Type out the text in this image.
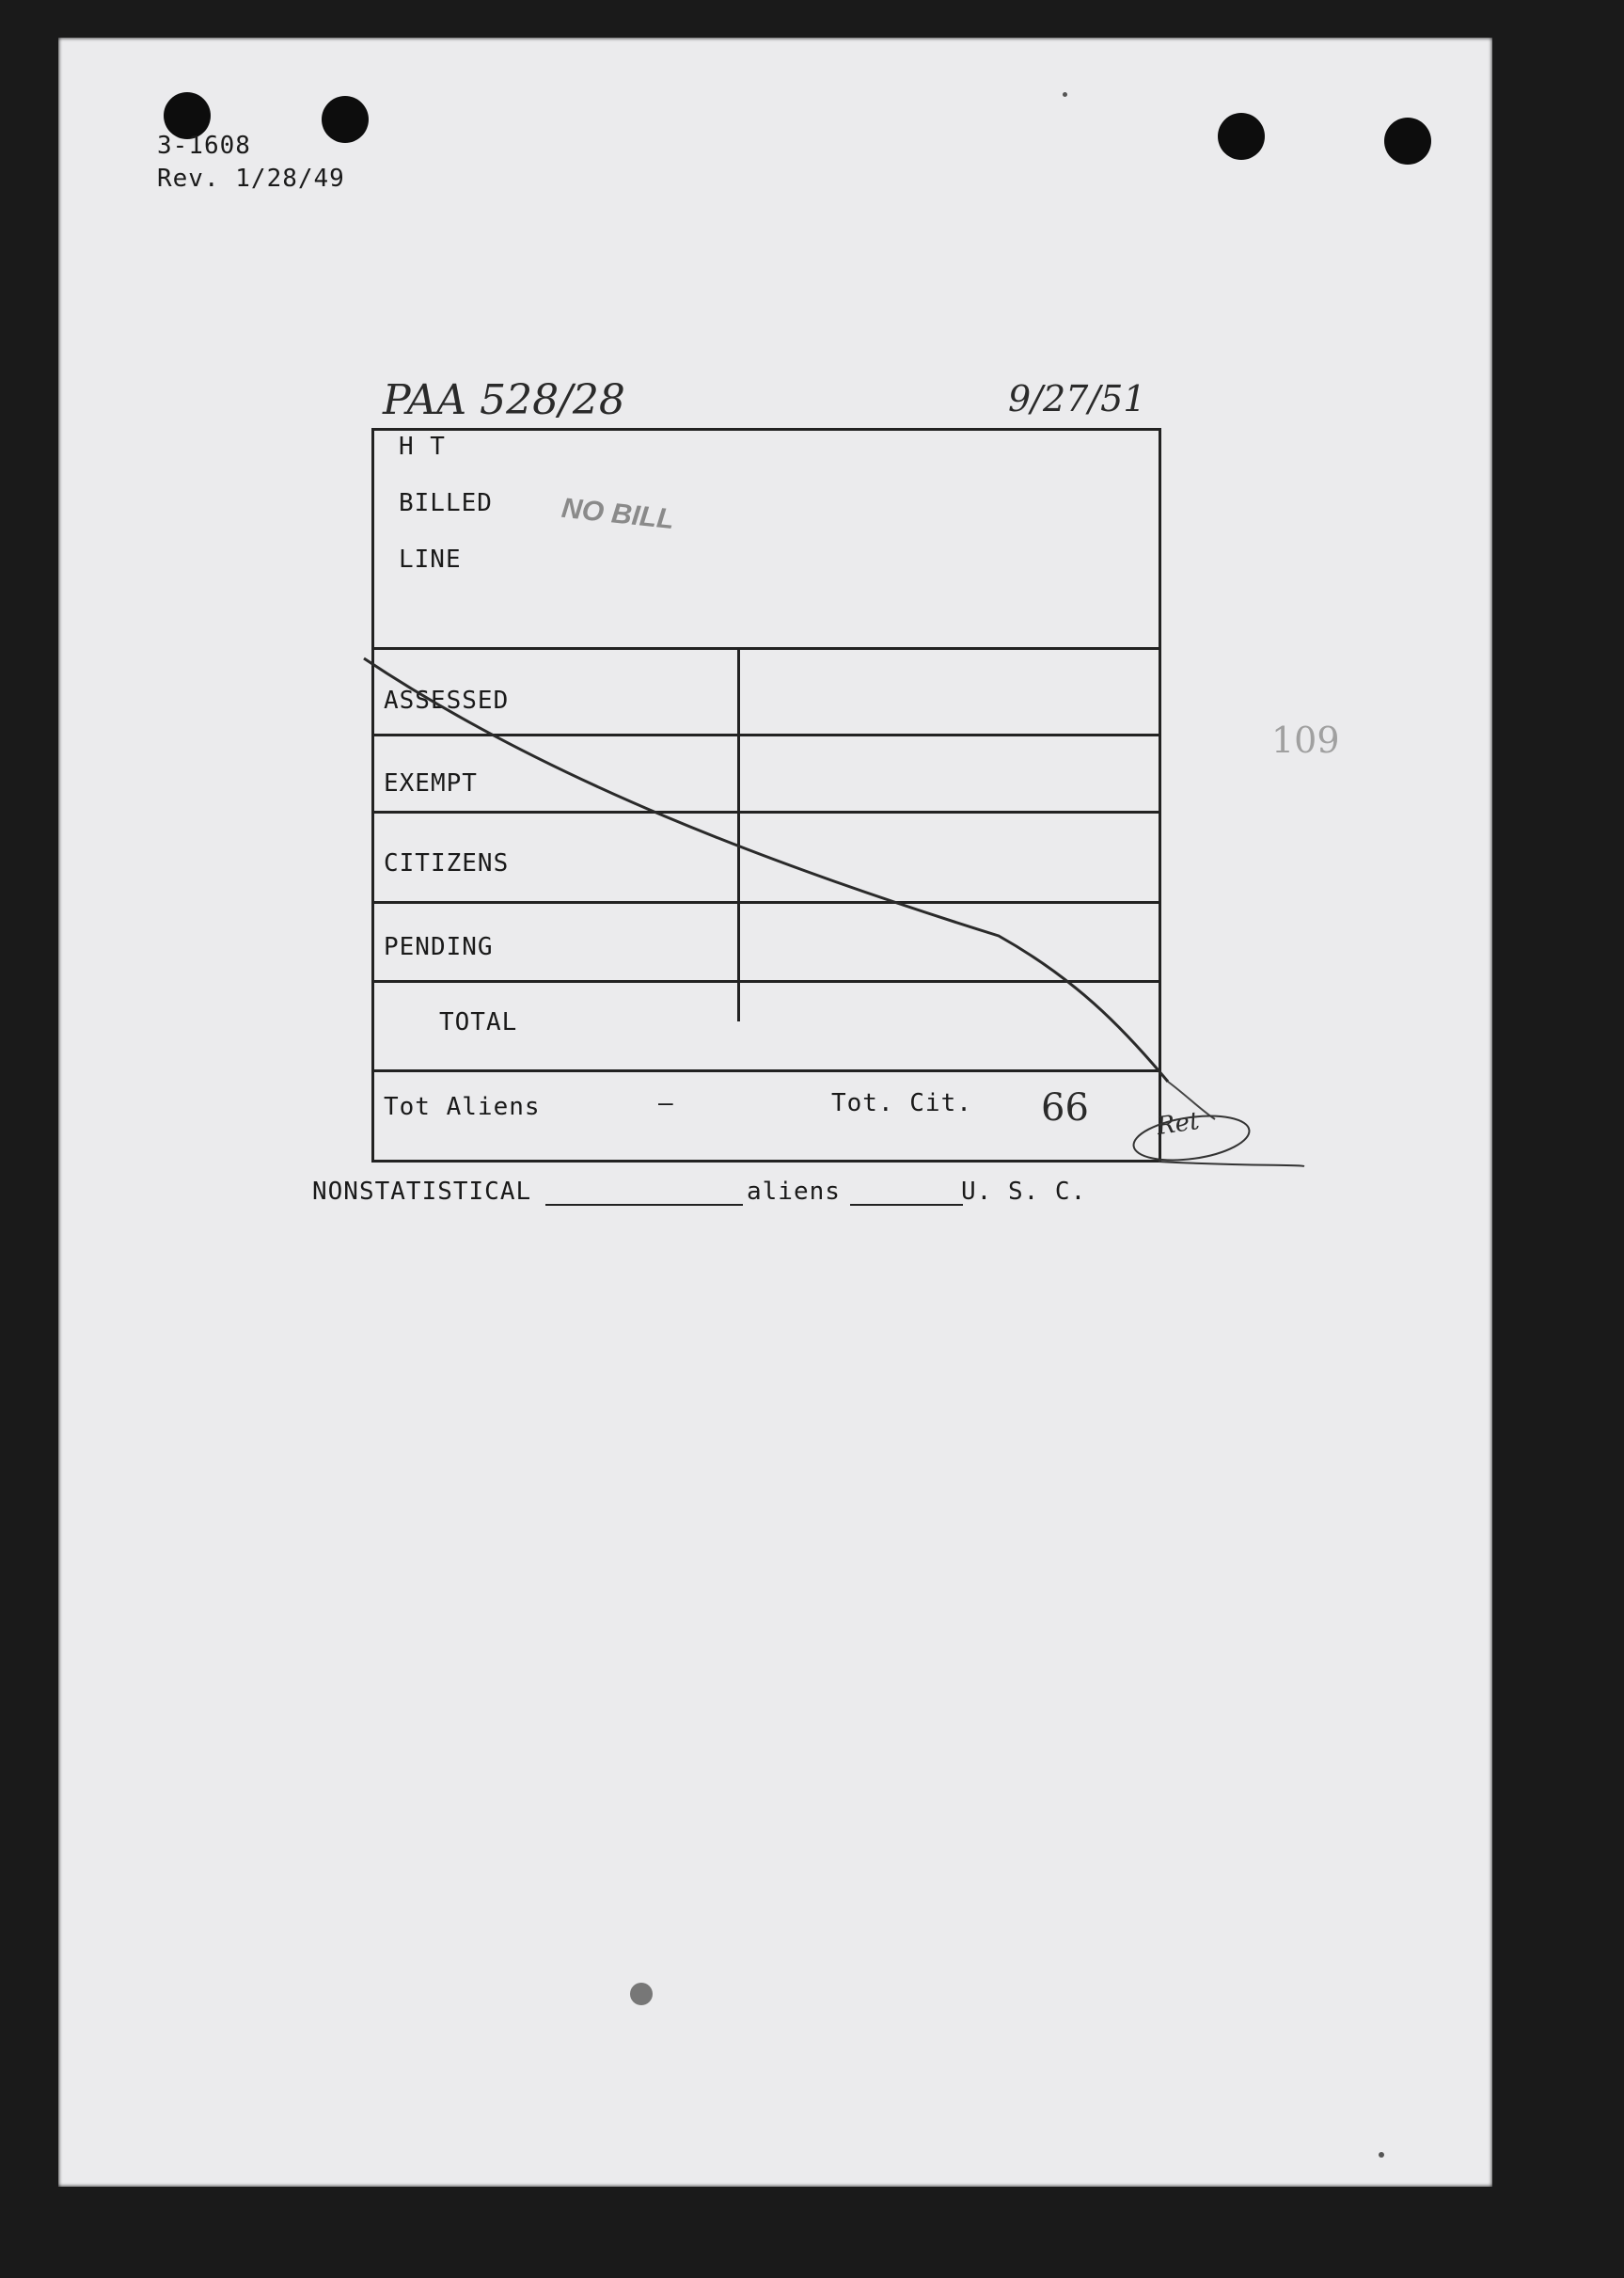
3-1608
Rev. 1/28/49
PAA 528/28	9/27/51
H T
BILLED
LINE
NO BILL
ASSESSED
EXEMPT
CITIZENS
PENDING
TOTAL
Tot Aliens	—	Tot. Cit. 66	Ret
NONSTATISTICAL	aliens	U. S. C.
109
